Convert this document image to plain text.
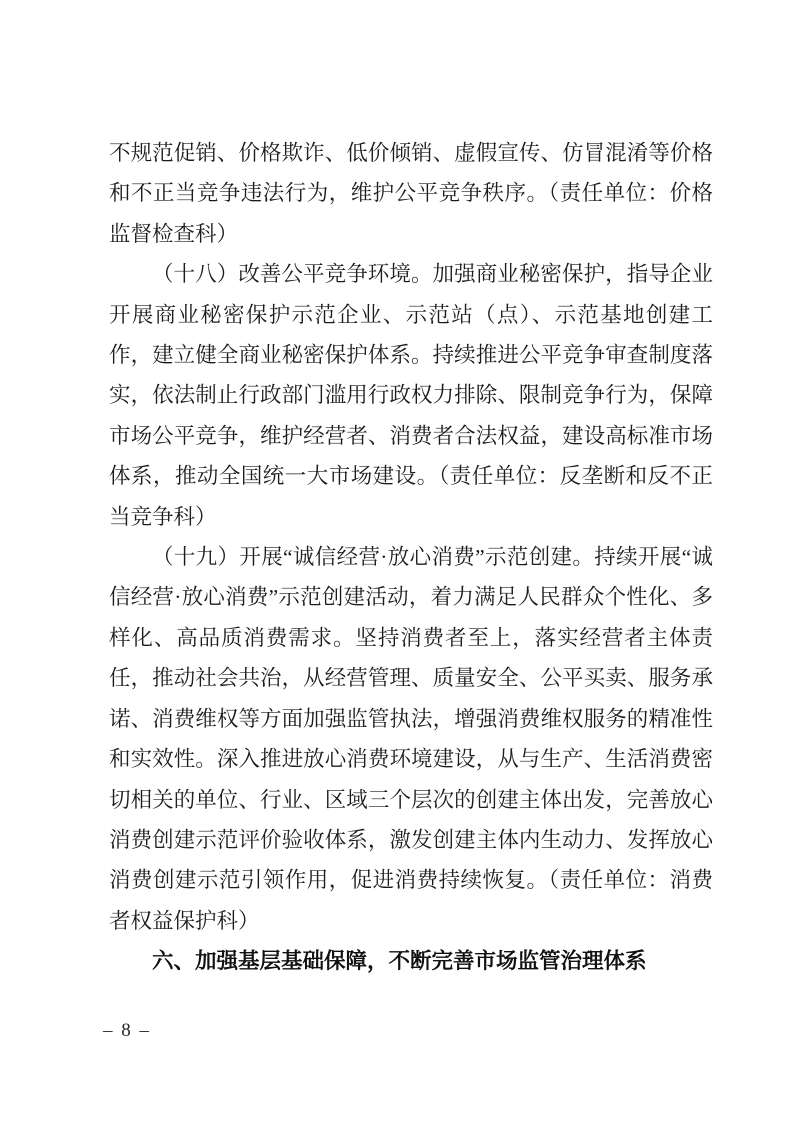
不规范促销、价格欺诈、低价倾销、虚假宣传、仿冒混淆等价格和不正当竞争违法行为，维护公平竞争秩序。（责任单位：价格监督检查科）

（十八）改善公平竞争环境。加强商业秘密保护，指导企业开展商业秘密保护示范企业、示范站（点）、示范基地创建工作，建立健全商业秘密保护体系。持续推进公平竞争审查制度落实，依法制止行政部门滥用行政权力排除、限制竞争行为，保障市场公平竞争，维护经营者、消费者合法权益，建设高标准市场体系，推动全国统一大市场建设。（责任单位：反垄断和反不正当竞争科）

（十九）开展“诚信经营·放心消费”示范创建。持续开展“诚信经营·放心消费”示范创建活动，着力满足人民群众个性化、多样化、高品质消费需求。坚持消费者至上，落实经营者主体责任，推动社会共治，从经营管理、质量安全、公平买卖、服务承诺、消费维权等方面加强监管执法，增强消费维权服务的精准性和实效性。深入推进放心消费环境建设，从与生产、生活消费密切相关的单位、行业、区域三个层次的创建主体出发，完善放心消费创建示范评价验收体系，激发创建主体内生动力、发挥放心消费创建示范引领作用，促进消费持续恢复。（责任单位：消费者权益保护科）

六、加强基层基础保障，不断完善市场监管治理体系

– 8 –
